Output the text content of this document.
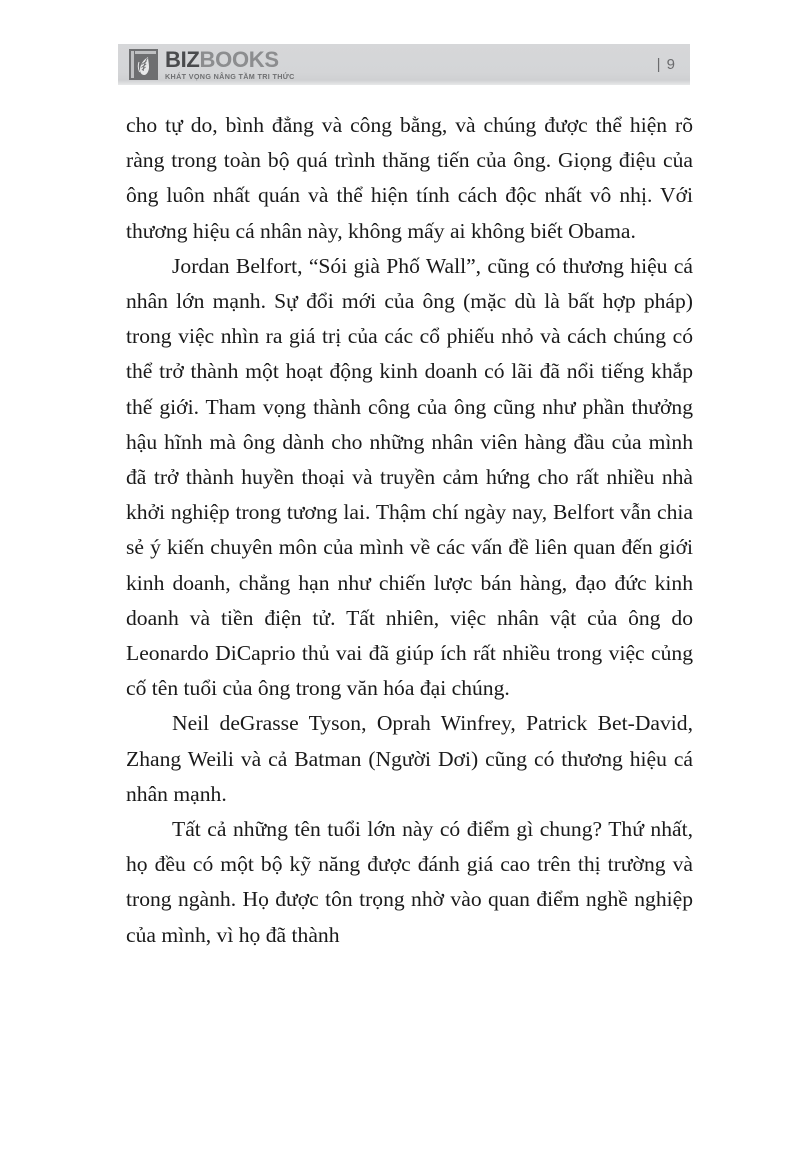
BIZBOOKS
KHÁT VỌNG NÂNG TẦM TRI THỨC
| 9

cho tự do, bình đẳng và công bằng, và chúng được thể hiện rõ ràng trong toàn bộ quá trình thăng tiến của ông. Giọng điệu của ông luôn nhất quán và thể hiện tính cách độc nhất vô nhị. Với thương hiệu cá nhân này, không mấy ai không biết Obama.

Jordan Belfort, “Sói già Phố Wall”, cũng có thương hiệu cá nhân lớn mạnh. Sự đổi mới của ông (mặc dù là bất hợp pháp) trong việc nhìn ra giá trị của các cổ phiếu nhỏ và cách chúng có thể trở thành một hoạt động kinh doanh có lãi đã nổi tiếng khắp thế giới. Tham vọng thành công của ông cũng như phần thưởng hậu hĩnh mà ông dành cho những nhân viên hàng đầu của mình đã trở thành huyền thoại và truyền cảm hứng cho rất nhiều nhà khởi nghiệp trong tương lai. Thậm chí ngày nay, Belfort vẫn chia sẻ ý kiến chuyên môn của mình về các vấn đề liên quan đến giới kinh doanh, chẳng hạn như chiến lược bán hàng, đạo đức kinh doanh và tiền điện tử. Tất nhiên, việc nhân vật của ông do Leonardo DiCaprio thủ vai đã giúp ích rất nhiều trong việc củng cố tên tuổi của ông trong văn hóa đại chúng.

Neil deGrasse Tyson, Oprah Winfrey, Patrick Bet-David, Zhang Weili và cả Batman (Người Dơi) cũng có thương hiệu cá nhân mạnh.

Tất cả những tên tuổi lớn này có điểm gì chung? Thứ nhất, họ đều có một bộ kỹ năng được đánh giá cao trên thị trường và trong ngành. Họ được tôn trọng nhờ vào quan điểm nghề nghiệp của mình, vì họ đã thành
